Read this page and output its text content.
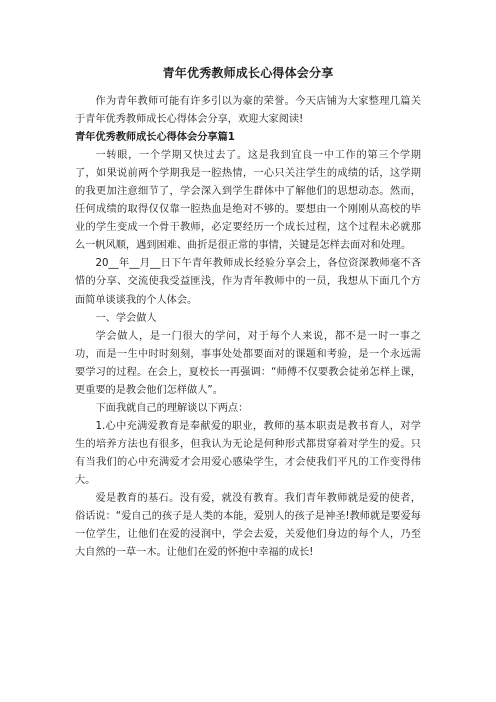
青年优秀教师成长心得体会分享

作为青年教师可能有许多引以为豪的荣誉。今天店铺为大家整理几篇关于青年优秀教师成长心得体会分享，欢迎大家阅读!

青年优秀教师成长心得体会分享篇1

一转眼，一个学期又快过去了。这是我到宜良一中工作的第三个学期了，如果说前两个学期我是一腔热情，一心只关注学生的成绩的话，这学期的我更加注意细节了，学会深入到学生群体中了解他们的思想动态。然而，任何成绩的取得仅仅靠一腔热血是绝对不够的。要想由一个刚刚从高校的毕业的学生变成一个骨干教师，必定要经历一个成长过程，这个过程未必就那么一帆风顺，遇到困难、曲折是很正常的事情，关键是怎样去面对和处理。

20__年__月__日下午青年教师成长经验分享会上，各位资深教师毫不吝惜的分享、交流使我受益匪浅，作为青年教师中的一员，我想从下面几个方面简单谈谈我的个人体会。

一、学会做人

学会做人，是一门很大的学问，对于每个人来说，都不是一时一事之功，而是一生中时时刻刻，事事处处都要面对的课题和考验，是一个永远需要学习的过程。在会上，夏校长一再强调：“师傅不仅要教会徒弟怎样上课，更重要的是教会他们怎样做人”。

下面我就自己的理解谈以下两点：

1.心中充满爱教育是奉献爱的职业，教师的基本职责是教书育人，对学生的培养方法也有很多，但我认为无论是何种形式都贯穿着对学生的爱。只有当我们的心中充满爱才会用爱心感染学生，才会使我们平凡的工作变得伟大。

爱是教育的基石。没有爱，就没有教育。我们青年教师就是爱的使者，俗话说：“爱自己的孩子是人类的本能，爱别人的孩子是神圣!教师就是要爱每一位学生，让他们在爱的浸润中，学会去爱，关爱他们身边的每个人，乃至大自然的一草一木。让他们在爱的怀抱中幸福的成长!
